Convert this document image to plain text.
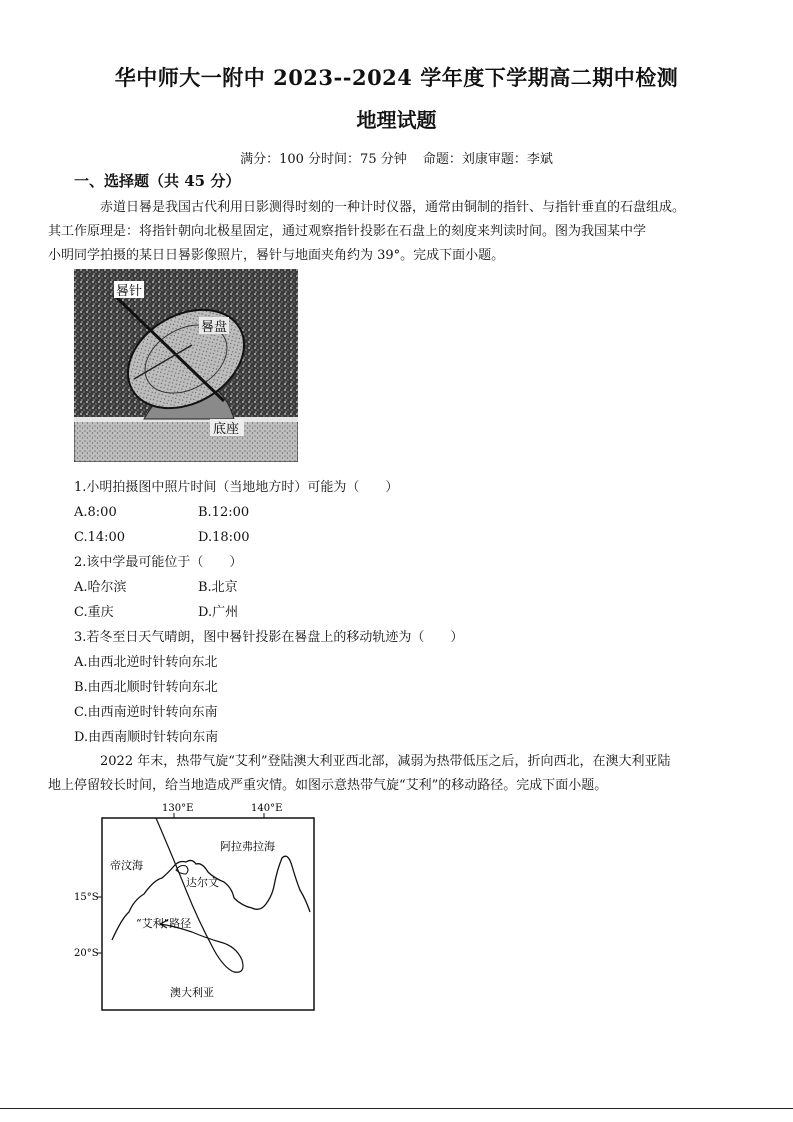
华中师大一附中 2023--2024 学年度下学期高二期中检测
地理试题
满分：100 分时间：75 分钟 命题：刘康审题：李斌
一、选择题（共 45 分）
赤道日晷是我国古代利用日影测得时刻的一种计时仪器，通常由铜制的指针、与指针垂直的石盘组成。
其工作原理是：将指针朝向北极星固定，通过观察指针投影在石盘上的刻度来判读时间。图为我国某中学
小明同学拍摄的某日日晷影像照片，晷针与地面夹角约为 39°。完成下面小题。
晷针
晷盘
底座
1.小明拍摄图中照片时间（当地地方时）可能为（　　）
A.8:00	B.12:00
C.14:00	D.18:00
2.该中学最可能位于（　　）
A.哈尔滨	B.北京
C.重庆	D.广州
3.若冬至日天气晴朗，图中晷针投影在晷盘上的移动轨迹为（　　）
A.由西北逆时针转向东北
B.由西北顺时针转向东北
C.由西南逆时针转向东南
D.由西南顺时针转向东南
2022 年末，热带气旋“艾利”登陆澳大利亚西北部，减弱为热带低压之后，折向西北，在澳大利亚陆
地上停留较长时间，给当地造成严重灾情。如图示意热带气旋“艾利”的移动路径。完成下面小题。
130°E	140°E
15°S
20°S
帝汶海
阿拉弗拉海
达尔文
“艾利”路径
澳大利亚
